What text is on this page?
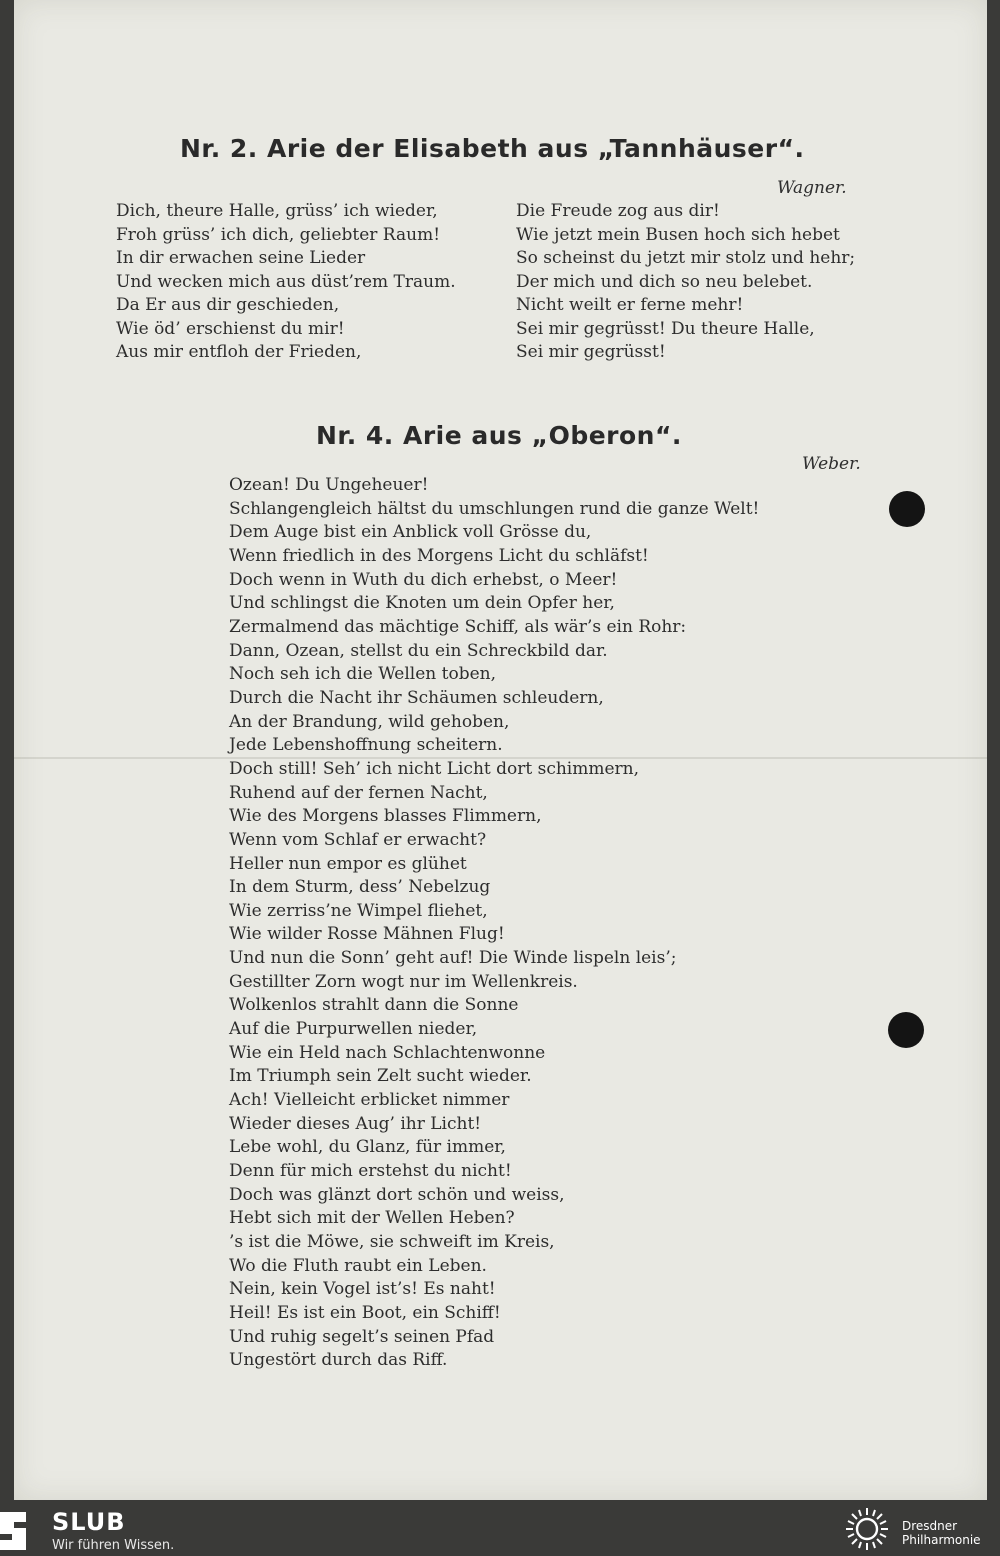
Nr. 2. Arie der Elisabeth aus „Tannhäuser“.
Wagner.
Dich, theure Halle, grüss’ ich wieder,
Froh grüss’ ich dich, geliebter Raum!
In dir erwachen seine Lieder
Und wecken mich aus düst’rem Traum.
Da Er aus dir geschieden,
Wie öd’ erschienst du mir!
Aus mir entfloh der Frieden,
Die Freude zog aus dir!
Wie jetzt mein Busen hoch sich hebet
So scheinst du jetzt mir stolz und hehr;
Der mich und dich so neu belebet.
Nicht weilt er ferne mehr!
Sei mir gegrüsst! Du theure Halle,
Sei mir gegrüsst!
Nr. 4. Arie aus „Oberon“.
Weber.
Ozean! Du Ungeheuer!
Schlangengleich hältst du umschlungen rund die ganze Welt!
Dem Auge bist ein Anblick voll Grösse du,
Wenn friedlich in des Morgens Licht du schläfst!
Doch wenn in Wuth du dich erhebst, o Meer!
Und schlingst die Knoten um dein Opfer her,
Zermalmend das mächtige Schiff, als wär’s ein Rohr:
Dann, Ozean, stellst du ein Schreckbild dar.
Noch seh ich die Wellen toben,
Durch die Nacht ihr Schäumen schleudern,
An der Brandung, wild gehoben,
Jede Lebenshoffnung scheitern.
Doch still! Seh’ ich nicht Licht dort schimmern,
Ruhend auf der fernen Nacht,
Wie des Morgens blasses Flimmern,
Wenn vom Schlaf er erwacht?
Heller nun empor es glühet
In dem Sturm, dess’ Nebelzug
Wie zerriss’ne Wimpel fliehet,
Wie wilder Rosse Mähnen Flug!
Und nun die Sonn’ geht auf! Die Winde lispeln leis’;
Gestillter Zorn wogt nur im Wellenkreis.
Wolkenlos strahlt dann die Sonne
Auf die Purpurwellen nieder,
Wie ein Held nach Schlachtenwonne
Im Triumph sein Zelt sucht wieder.
Ach! Vielleicht erblicket nimmer
Wieder dieses Aug’ ihr Licht!
Lebe wohl, du Glanz, für immer,
Denn für mich erstehst du nicht!
Doch was glänzt dort schön und weiss,
Hebt sich mit der Wellen Heben?
’s ist die Möwe, sie schweift im Kreis,
Wo die Fluth raubt ein Leben.
Nein, kein Vogel ist’s! Es naht!
Heil! Es ist ein Boot, ein Schiff!
Und ruhig segelt’s seinen Pfad
Ungestört durch das Riff.
SLUB
Wir führen Wissen.
Dresdner
Philharmonie
